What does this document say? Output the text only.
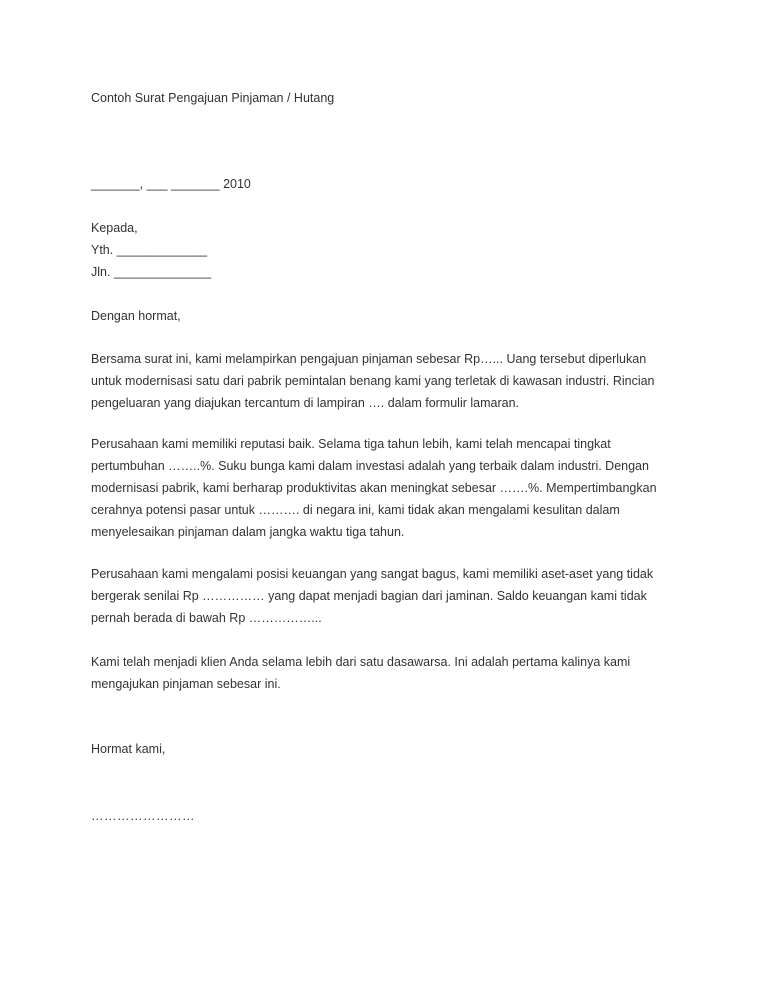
Contoh Surat Pengajuan Pinjaman / Hutang
_______, ___ _______ 2010
Kepada,
Yth. _____________
Jln. ______________
Dengan hormat,
Bersama surat ini, kami melampirkan pengajuan pinjaman sebesar Rp…... Uang tersebut diperlukan
untuk modernisasi satu dari pabrik pemintalan benang kami yang terletak di kawasan industri. Rincian
pengeluaran yang diajukan tercantum di lampiran …. dalam formulir lamaran.
Perusahaan kami memiliki reputasi baik. Selama tiga tahun lebih, kami telah mencapai tingkat
pertumbuhan ……..%. Suku bunga kami dalam investasi adalah yang terbaik dalam industri. Dengan
modernisasi pabrik, kami berharap produktivitas akan meningkat sebesar …….%. Mempertimbangkan
cerahnya potensi pasar untuk ………. di negara ini, kami tidak akan mengalami kesulitan dalam
menyelesaikan pinjaman dalam jangka waktu tiga tahun.
Perusahaan kami mengalami posisi keuangan yang sangat bagus, kami memiliki aset-aset yang tidak
bergerak senilai Rp …………… yang dapat menjadi bagian dari jaminan. Saldo keuangan kami tidak
pernah berada di bawah Rp ……………...
Kami telah menjadi klien Anda selama lebih dari satu dasawarsa. Ini adalah pertama kalinya kami
mengajukan pinjaman sebesar ini.
Hormat kami,
……………………
